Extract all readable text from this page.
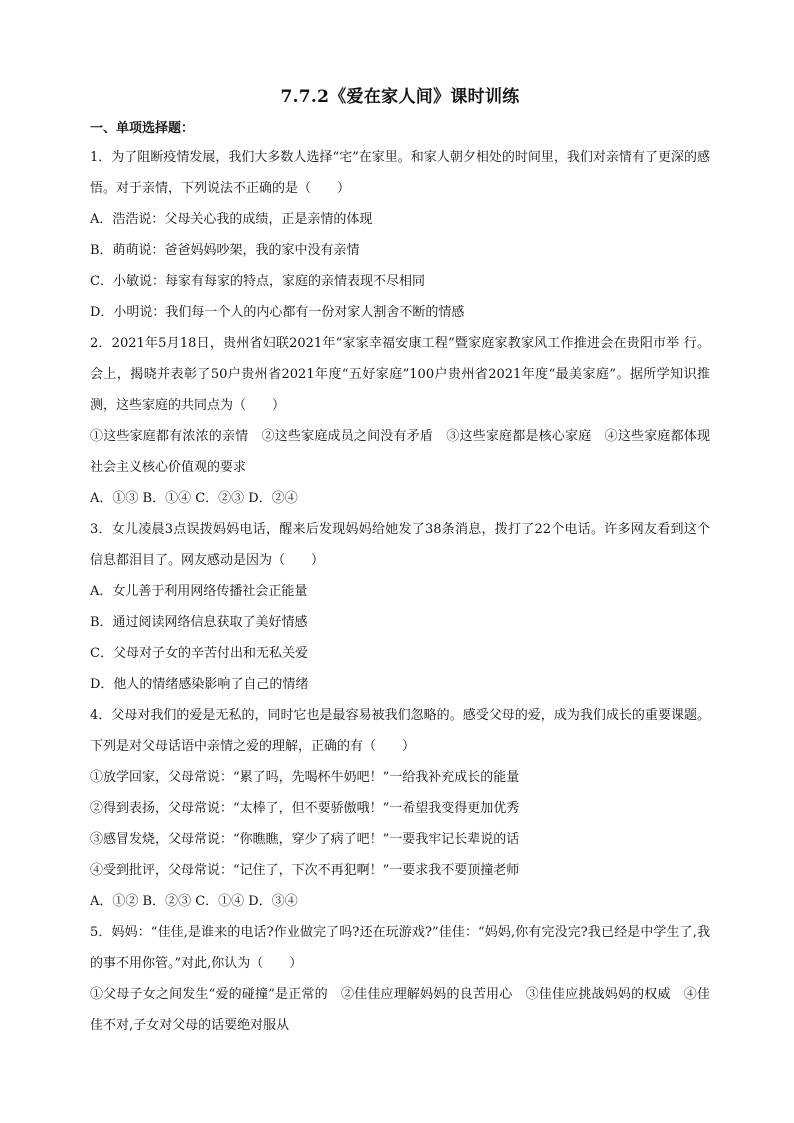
7.7.2《爱在家人间》课时训练
一、单项选择题：

1．为了阻断疫情发展，我们大多数人选择“宅”在家里。和家人朝夕相处的时间里，我们对亲情有了更深的感悟。对于亲情，下列说法不正确的是（　　）

A．浩浩说：父母关心我的成绩，正是亲情的体现

B．萌萌说：爸爸妈妈吵架，我的家中没有亲情

C．小敏说：每家有每家的特点，家庭的亲情表现不尽相同

D．小明说：我们每一个人的内心都有一份对家人割舍不断的情感

2．2021年5月18日，贵州省妇联2021年“家家幸福安康工程”暨家庭家教家风工作推进会在贵阳市举 行。会上，揭晓并表彰了50户贵州省2021年度“五好家庭”100户贵州省2021年度“最美家庭”。据所学知识推测，这些家庭的共同点为（　　）

①这些家庭都有浓浓的亲情　②这些家庭成员之间没有矛盾　③这些家庭都是核心家庭　④这些家庭都体现社会主义核心价值观的要求

A．①③ B．①④ C．②③ D．②④

3．女儿凌晨3点误拨妈妈电话，醒来后发现妈妈给她发了38条消息，拨打了22个电话。许多网友看到这个信息都泪目了。网友感动是因为（　　）

A．女儿善于利用网络传播社会正能量

B．通过阅读网络信息获取了美好情感

C．父母对子女的辛苦付出和无私关爱

D．他人的情绪感染影响了自己的情绪

4．父母对我们的爱是无私的，同时它也是最容易被我们忽略的。感受父母的爱，成为我们成长的重要课题。下列是对父母话语中亲情之爱的理解，正确的有（　　）

①放学回家，父母常说：“累了吗，先喝杯牛奶吧！”一给我补充成长的能量

②得到表扬，父母常说：“太棒了，但不要骄傲哦！”一希望我变得更加优秀

③感冒发烧，父母常说：“你瞧瞧，穿少了病了吧！”一要我牢记长辈说的话

④受到批评，父母常说：“记住了，下次不再犯啊！”一要求我不要顶撞老师

A．①② B．②③ C．①④ D．③④

5．妈妈：“佳佳,是谁来的电话?作业做完了吗?还在玩游戏?”佳佳：“妈妈,你有完没完?我已经是中学生了,我的事不用你管。”对此,你认为（　　）

①父母子女之间发生“爱的碰撞”是正常的　②佳佳应理解妈妈的良苦用心　③佳佳应挑战妈妈的权威　④佳佳不对,子女对父母的话要绝对服从
